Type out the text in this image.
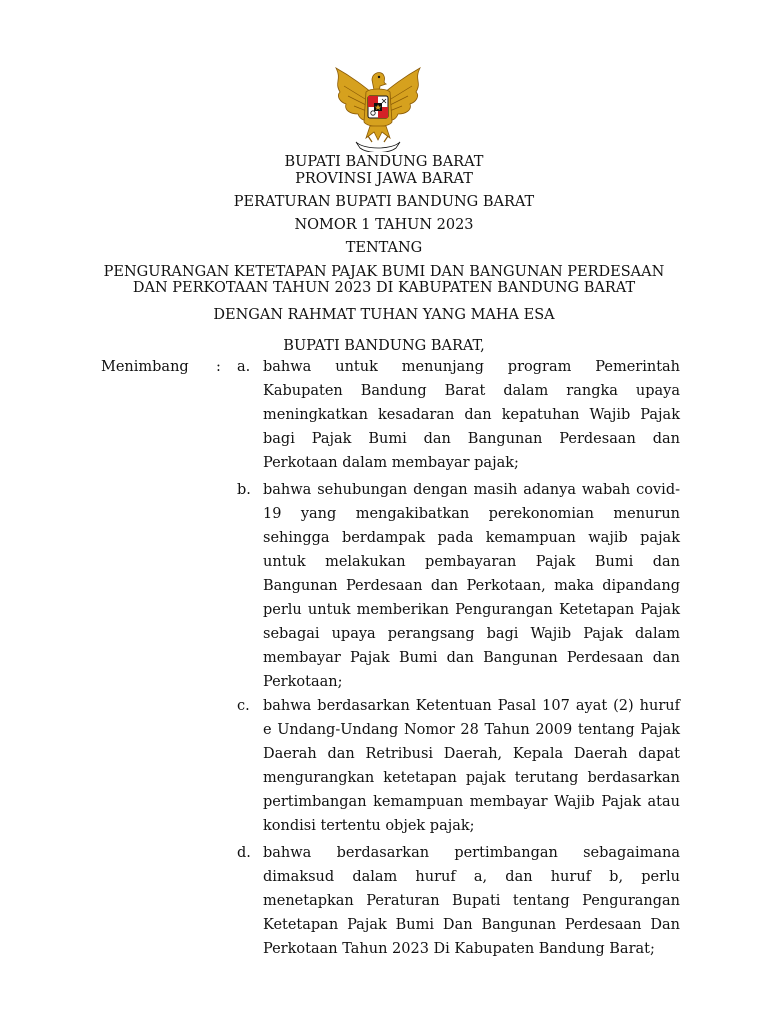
BUPATI BANDUNG BARAT
PROVINSI JAWA BARAT
PERATURAN BUPATI BANDUNG BARAT
NOMOR 1 TAHUN 2023
TENTANG
PENGURANGAN KETETAPAN PAJAK BUMI DAN BANGUNAN PERDESAAN
DAN PERKOTAAN TAHUN 2023 DI KABUPATEN BANDUNG BARAT
DENGAN RAHMAT TUHAN YANG MAHA ESA
BUPATI BANDUNG BARAT,
Menimbang : a. bahwa untuk menunjang program Pemerintah
Kabupaten Bandung Barat dalam rangka upaya
meningkatkan kesadaran dan kepatuhan Wajib Pajak
bagi Pajak Bumi dan Bangunan Perdesaan dan
Perkotaan dalam membayar pajak;
b. bahwa sehubungan dengan masih adanya wabah covid-
19 yang mengakibatkan perekonomian menurun
sehingga berdampak pada kemampuan wajib pajak
untuk melakukan pembayaran Pajak Bumi dan
Bangunan Perdesaan dan Perkotaan, maka dipandang
perlu untuk memberikan Pengurangan Ketetapan Pajak
sebagai upaya perangsang bagi Wajib Pajak dalam
membayar Pajak Bumi dan Bangunan Perdesaan dan
Perkotaan;
c. bahwa berdasarkan Ketentuan Pasal 107 ayat (2) huruf
e Undang-Undang Nomor 28 Tahun 2009 tentang Pajak
Daerah dan Retribusi Daerah, Kepala Daerah dapat
mengurangkan ketetapan pajak terutang berdasarkan
pertimbangan kemampuan membayar Wajib Pajak atau
kondisi tertentu objek pajak;
d. bahwa berdasarkan pertimbangan sebagaimana
dimaksud dalam huruf a, dan huruf b, perlu
menetapkan Peraturan Bupati tentang Pengurangan
Ketetapan Pajak Bumi Dan Bangunan Perdesaan Dan
Perkotaan Tahun 2023 Di Kabupaten Bandung Barat;
